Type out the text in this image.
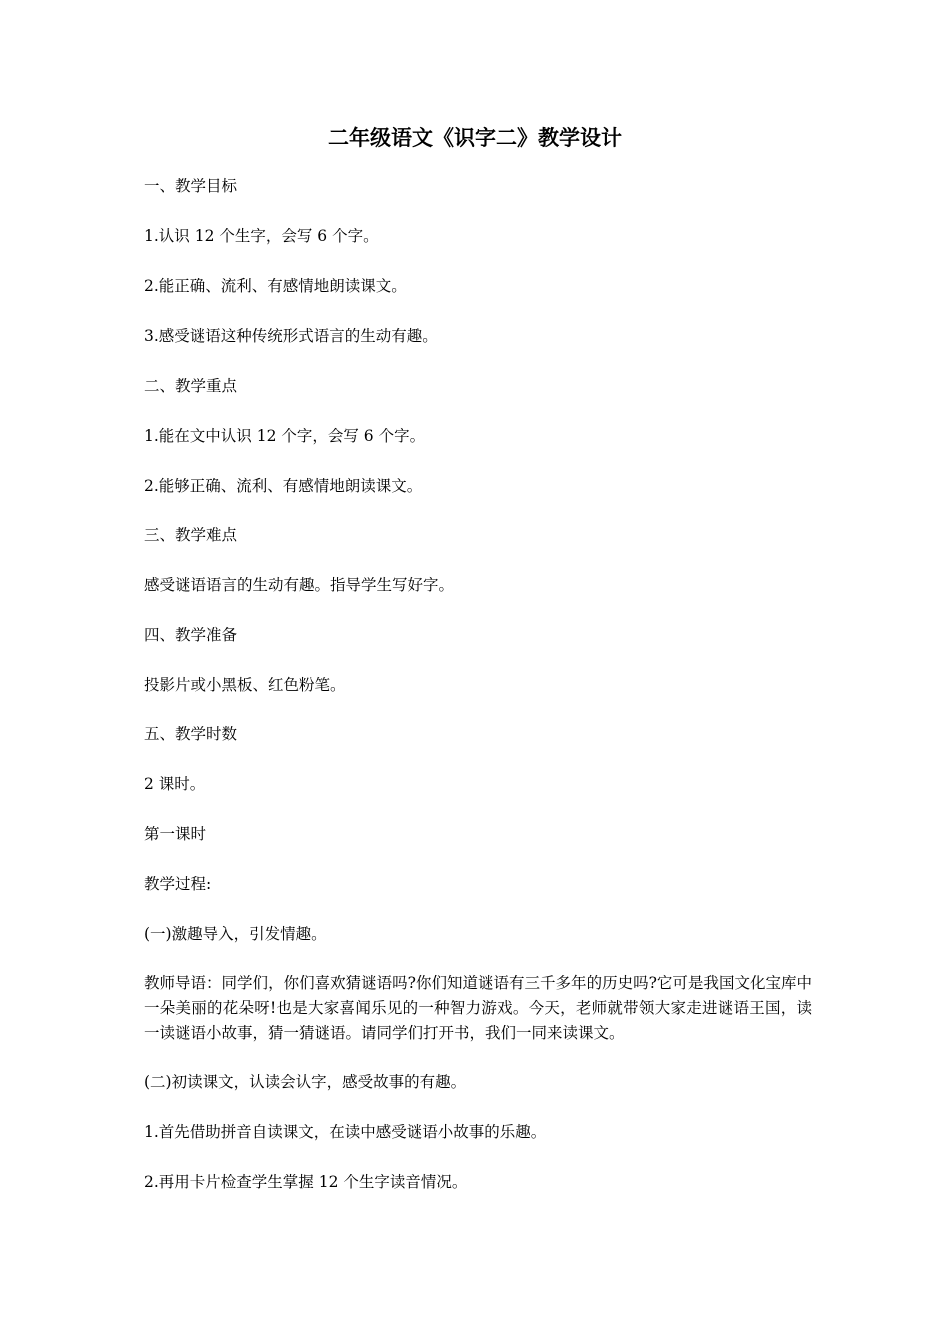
二年级语文《识字二》教学设计

一、教学目标

1.认识 12 个生字，会写 6 个字。

2.能正确、流利、有感情地朗读课文。

3.感受谜语这种传统形式语言的生动有趣。

二、教学重点

1.能在文中认识 12 个字，会写 6 个字。

2.能够正确、流利、有感情地朗读课文。

三、教学难点

感受谜语语言的生动有趣。指导学生写好字。

四、教学准备

投影片或小黑板、红色粉笔。

五、教学时数

2 课时。

第一课时

教学过程:

(一)激趣导入，引发情趣。

教师导语：同学们，你们喜欢猜谜语吗?你们知道谜语有三千多年的历史吗?它可是我国文化宝库中一朵美丽的花朵呀!也是大家喜闻乐见的一种智力游戏。今天，老师就带领大家走进谜语王国，读一读谜语小故事，猜一猜谜语。请同学们打开书，我们一同来读课文。

(二)初读课文，认读会认字，感受故事的有趣。

1.首先借助拼音自读课文，在读中感受谜语小故事的乐趣。

2.再用卡片检查学生掌握 12 个生字读音情况。
